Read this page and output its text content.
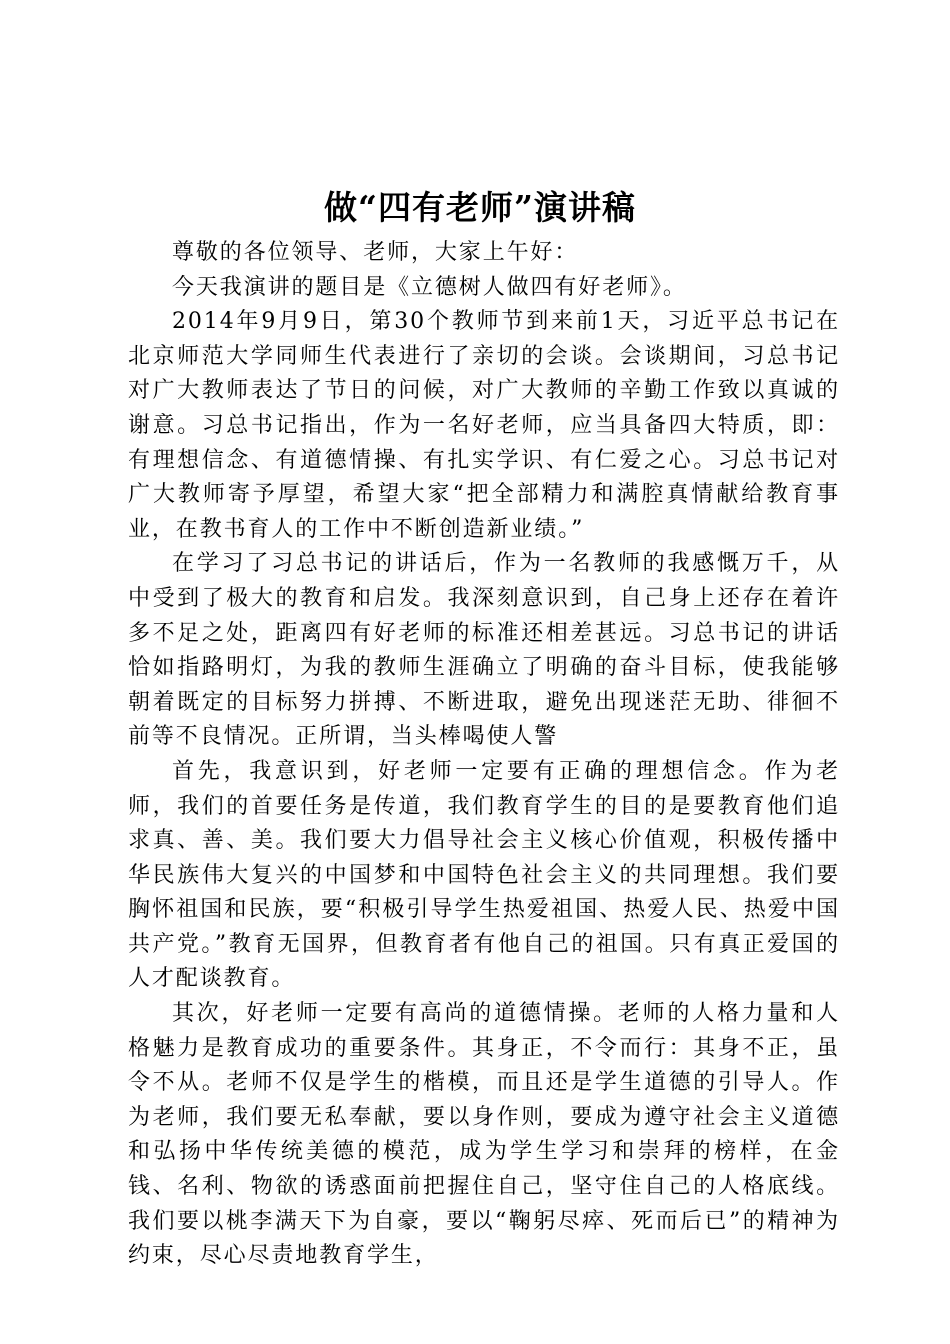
做“四有老师”演讲稿

尊敬的各位领导、老师，大家上午好：

今天我演讲的题目是《立德树人做四有好老师》。

2014年9月9日，第30个教师节到来前1天，习近平总书记在北京师范大学同师生代表进行了亲切的会谈。会谈期间，习总书记对广大教师表达了节日的问候，对广大教师的辛勤工作致以真诚的谢意。习总书记指出，作为一名好老师，应当具备四大特质，即：有理想信念、有道德情操、有扎实学识、有仁爱之心。习总书记对广大教师寄予厚望，希望大家“把全部精力和满腔真情献给教育事业，在教书育人的工作中不断创造新业绩。”

在学习了习总书记的讲话后，作为一名教师的我感慨万千，从中受到了极大的教育和启发。我深刻意识到，自己身上还存在着许多不足之处，距离四有好老师的标准还相差甚远。习总书记的讲话恰如指路明灯，为我的教师生涯确立了明确的奋斗目标，使我能够朝着既定的目标努力拼搏、不断进取，避免出现迷茫无助、徘徊不前等不良情况。正所谓，当头棒喝使人警

首先，我意识到，好老师一定要有正确的理想信念。作为老师，我们的首要任务是传道，我们教育学生的目的是要教育他们追求真、善、美。我们要大力倡导社会主义核心价值观，积极传播中华民族伟大复兴的中国梦和中国特色社会主义的共同理想。我们要胸怀祖国和民族，要“积极引导学生热爱祖国、热爱人民、热爱中国共产党。”教育无国界，但教育者有他自己的祖国。只有真正爱国的人才配谈教育。

其次，好老师一定要有高尚的道德情操。老师的人格力量和人格魅力是教育成功的重要条件。其身正，不令而行：其身不正，虽令不从。老师不仅是学生的楷模，而且还是学生道德的引导人。作为老师，我们要无私奉献，要以身作则，要成为遵守社会主义道德和弘扬中华传统美德的模范，成为学生学习和崇拜的榜样，在金钱、名利、物欲的诱惑面前把握住自己，坚守住自己的人格底线。我们要以桃李满天下为自豪，要以“鞠躬尽瘁、死而后已”的精神为约束，尽心尽责地教育学生，
